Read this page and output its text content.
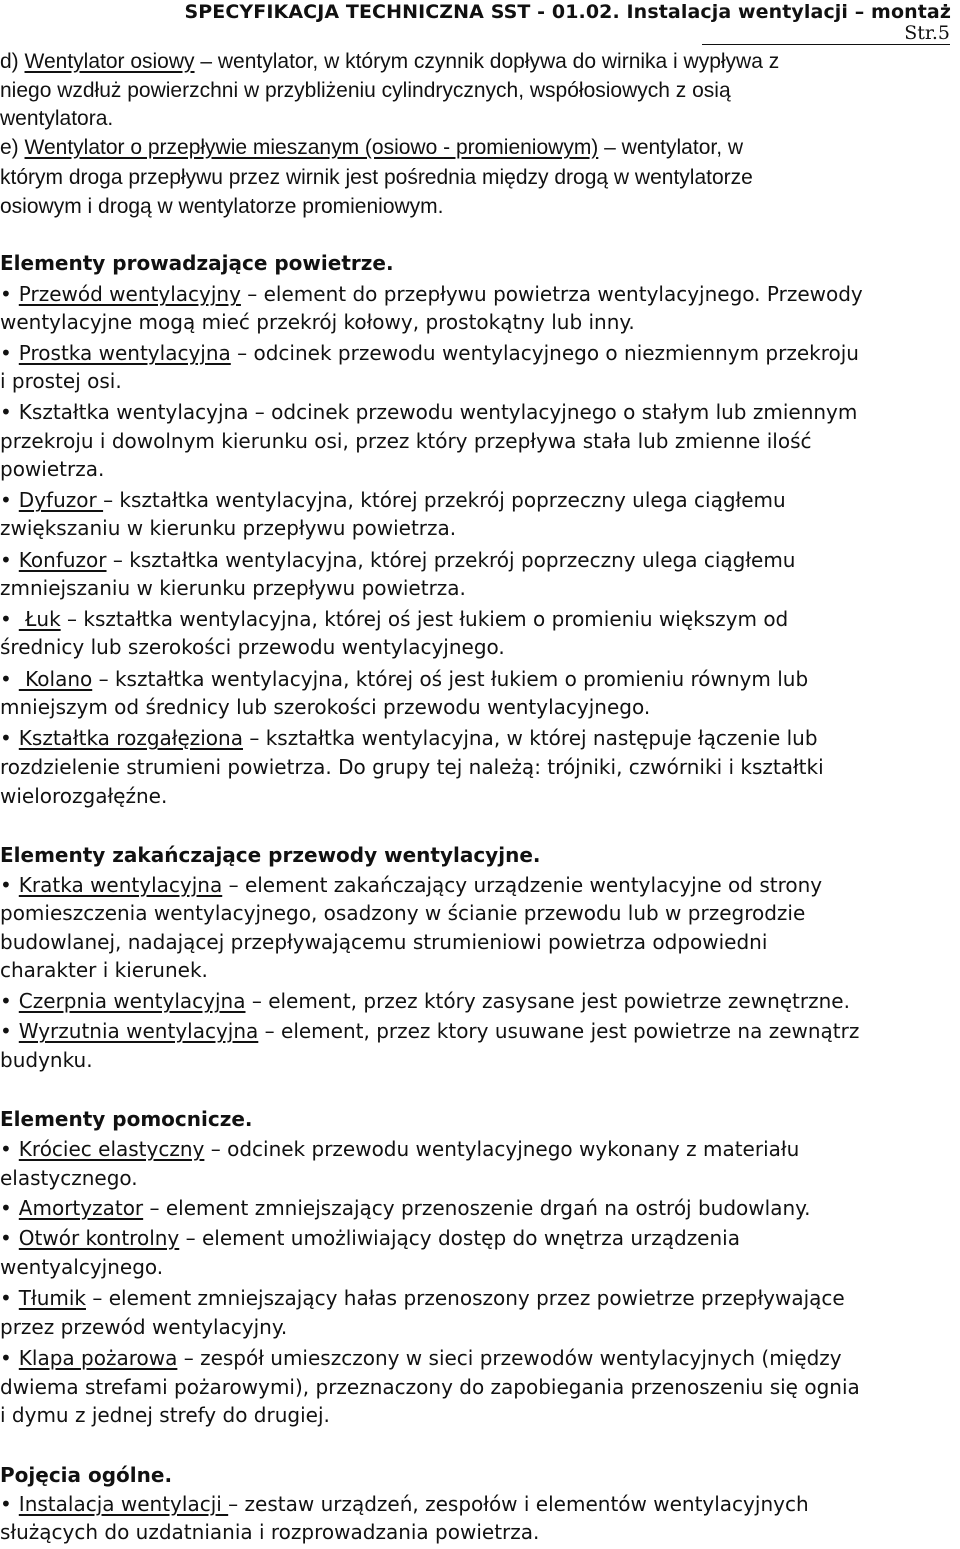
SPECYFIKACJA TECHNICZNA SST - 01.02. Instalacja wentylacji – montaż
Str.5
d) Wentylator osiowy – wentylator, w którym czynnik dopływa do wirnika i wypływa z
niego wzdłuż powierzchni w przybliżeniu cylindrycznych, współosiowych z osią
wentylatora.
e) Wentylator o przepływie mieszanym (osiowo - promieniowym) – wentylator, w
którym droga przepływu przez wirnik jest pośrednia między drogą w wentylatorze
osiowym i drogą w wentylatorze promieniowym.
Elementy prowadzające powietrze.
• Przewód wentylacyjny – element do przepływu powietrza wentylacyjnego. Przewody
wentylacyjne mogą mieć przekrój kołowy, prostokątny lub inny.
• Prostka wentylacyjna – odcinek przewodu wentylacyjnego o niezmiennym przekroju
i prostej osi.
• Kształtka wentylacyjna – odcinek przewodu wentylacyjnego o stałym lub zmiennym
przekroju i dowolnym kierunku osi, przez który przepływa stała lub zmienne ilość
powietrza.
• Dyfuzor – kształtka wentylacyjna, której przekrój poprzeczny ulega ciągłemu
zwiększaniu w kierunku przepływu powietrza.
• Konfuzor – kształtka wentylacyjna, której przekrój poprzeczny ulega ciągłemu
zmniejszaniu w kierunku przepływu powietrza.
• Łuk – kształtka wentylacyjna, której oś jest łukiem o promieniu większym od
średnicy lub szerokości przewodu wentylacyjnego.
• Kolano – kształtka wentylacyjna, której oś jest łukiem o promieniu równym lub
mniejszym od średnicy lub szerokości przewodu wentylacyjnego.
• Kształtka rozgałęziona – kształtka wentylacyjna, w której następuje łączenie lub
rozdzielenie strumieni powietrza. Do grupy tej należą: trójniki, czwórniki i kształtki
wielorozgałęźne.
Elementy zakańczające przewody wentylacyjne.
• Kratka wentylacyjna – element zakańczający urządzenie wentylacyjne od strony
pomieszczenia wentylacyjnego, osadzony w ścianie przewodu lub w przegrodzie
budowlanej, nadającej przepływającemu strumieniowi powietrza odpowiedni
charakter i kierunek.
• Czerpnia wentylacyjna – element, przez który zasysane jest powietrze zewnętrzne.
• Wyrzutnia wentylacyjna – element, przez ktory usuwane jest powietrze na zewnątrz
budynku.
Elementy pomocnicze.
• Króciec elastyczny – odcinek przewodu wentylacyjnego wykonany z materiału
elastycznego.
• Amortyzator – element zmniejszający przenoszenie drgań na ostrój budowlany.
• Otwór kontrolny – element umożliwiający dostęp do wnętrza urządzenia
wentyalcyjnego.
• Tłumik – element zmniejszający hałas przenoszony przez powietrze przepływające
przez przewód wentylacyjny.
• Klapa pożarowa – zespół umieszczony w sieci przewodów wentylacyjnych (między
dwiema strefami pożarowymi), przeznaczony do zapobiegania przenoszeniu się ognia
i dymu z jednej strefy do drugiej.
Pojęcia ogólne.
• Instalacja wentylacji – zestaw urządzeń, zespołów i elementów wentylacyjnych
służących do uzdatniania i rozprowadzania powietrza.
